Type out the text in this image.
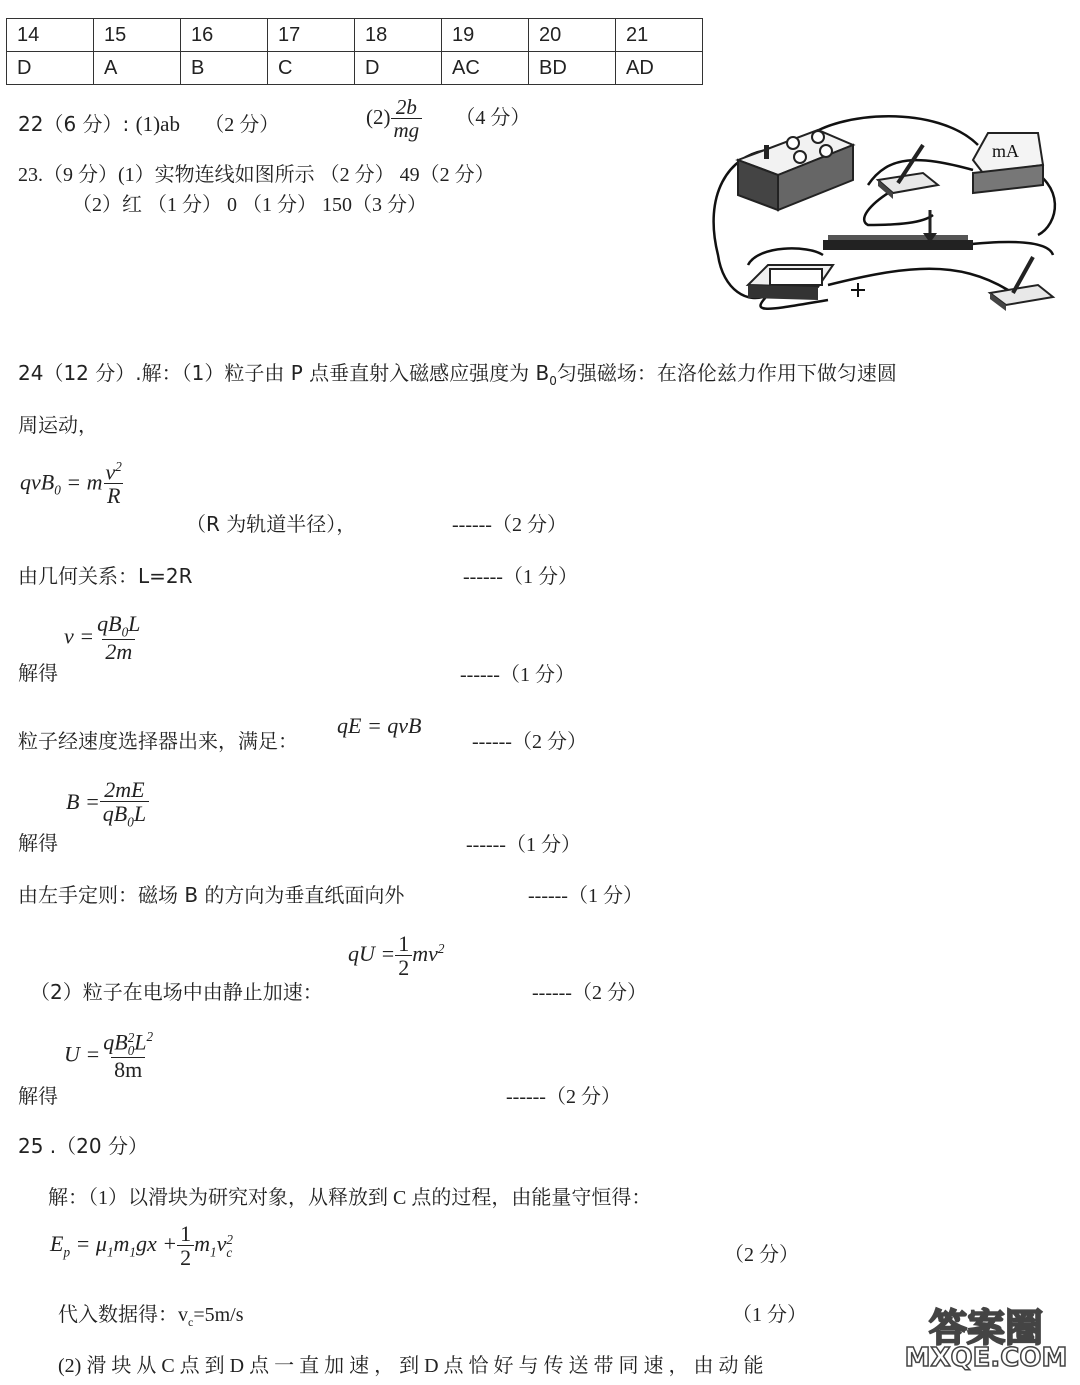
14	15	16	17	18	19	20	21
D	A	B	C	D	AC	BD	AD
22（6 分）: (1)ab （2 分）	$(2) \frac{2b}{mg} (4$ 分）
23.（9 分）(1）实物连线如图所示 （2 分） 49（2 分）
（2）红 （1 分） 0 （1 分） 150（3 分）
mA
24（12 分）.解：（1）粒子由 P 点垂直射入磁感应强度为 $B_0$匀强磁场：在洛伦兹力作用下做匀速圆
周运动，
qvB$_0$ = m $\frac{v^2}{R}$
（R 为轨道半径），	------（2 分）
由几何关系：L=2R	------（1 分）
解得
$v = \frac{qB_0L}{2m}$
------（1 分）
粒子经速度选择器出来，满足：
qE = qvB
------（2 分）
解得
$B = \frac{2mE}{qB_0L}$
------（1 分）
由左手定则：磁场 B 的方向为垂直纸面向外	------（1 分）
qU = $\frac{1}{2} mv^2$
（2）粒子在电场中由静止加速：	------（2 分）
解得
U = qB 2
0 $L^2$
8m
------（2 分）
25 .（20 分）
解：（1）以滑块为研究对象，从释放到 C 点的过程，由能量守恒得：
$E_p = \mu_1m_1gx + \frac{1}{2} m_1v$ 2
c	（2 分）
代入数据得：$v_c=5m/s$	（1 分）
(2) 滑 块 从 C 点 到 D 点 一 直 加 速 ， 到 D 点 恰 好 与 传 送 带 同 速 ， 由 动 能
答案圈
MXQE.COM
